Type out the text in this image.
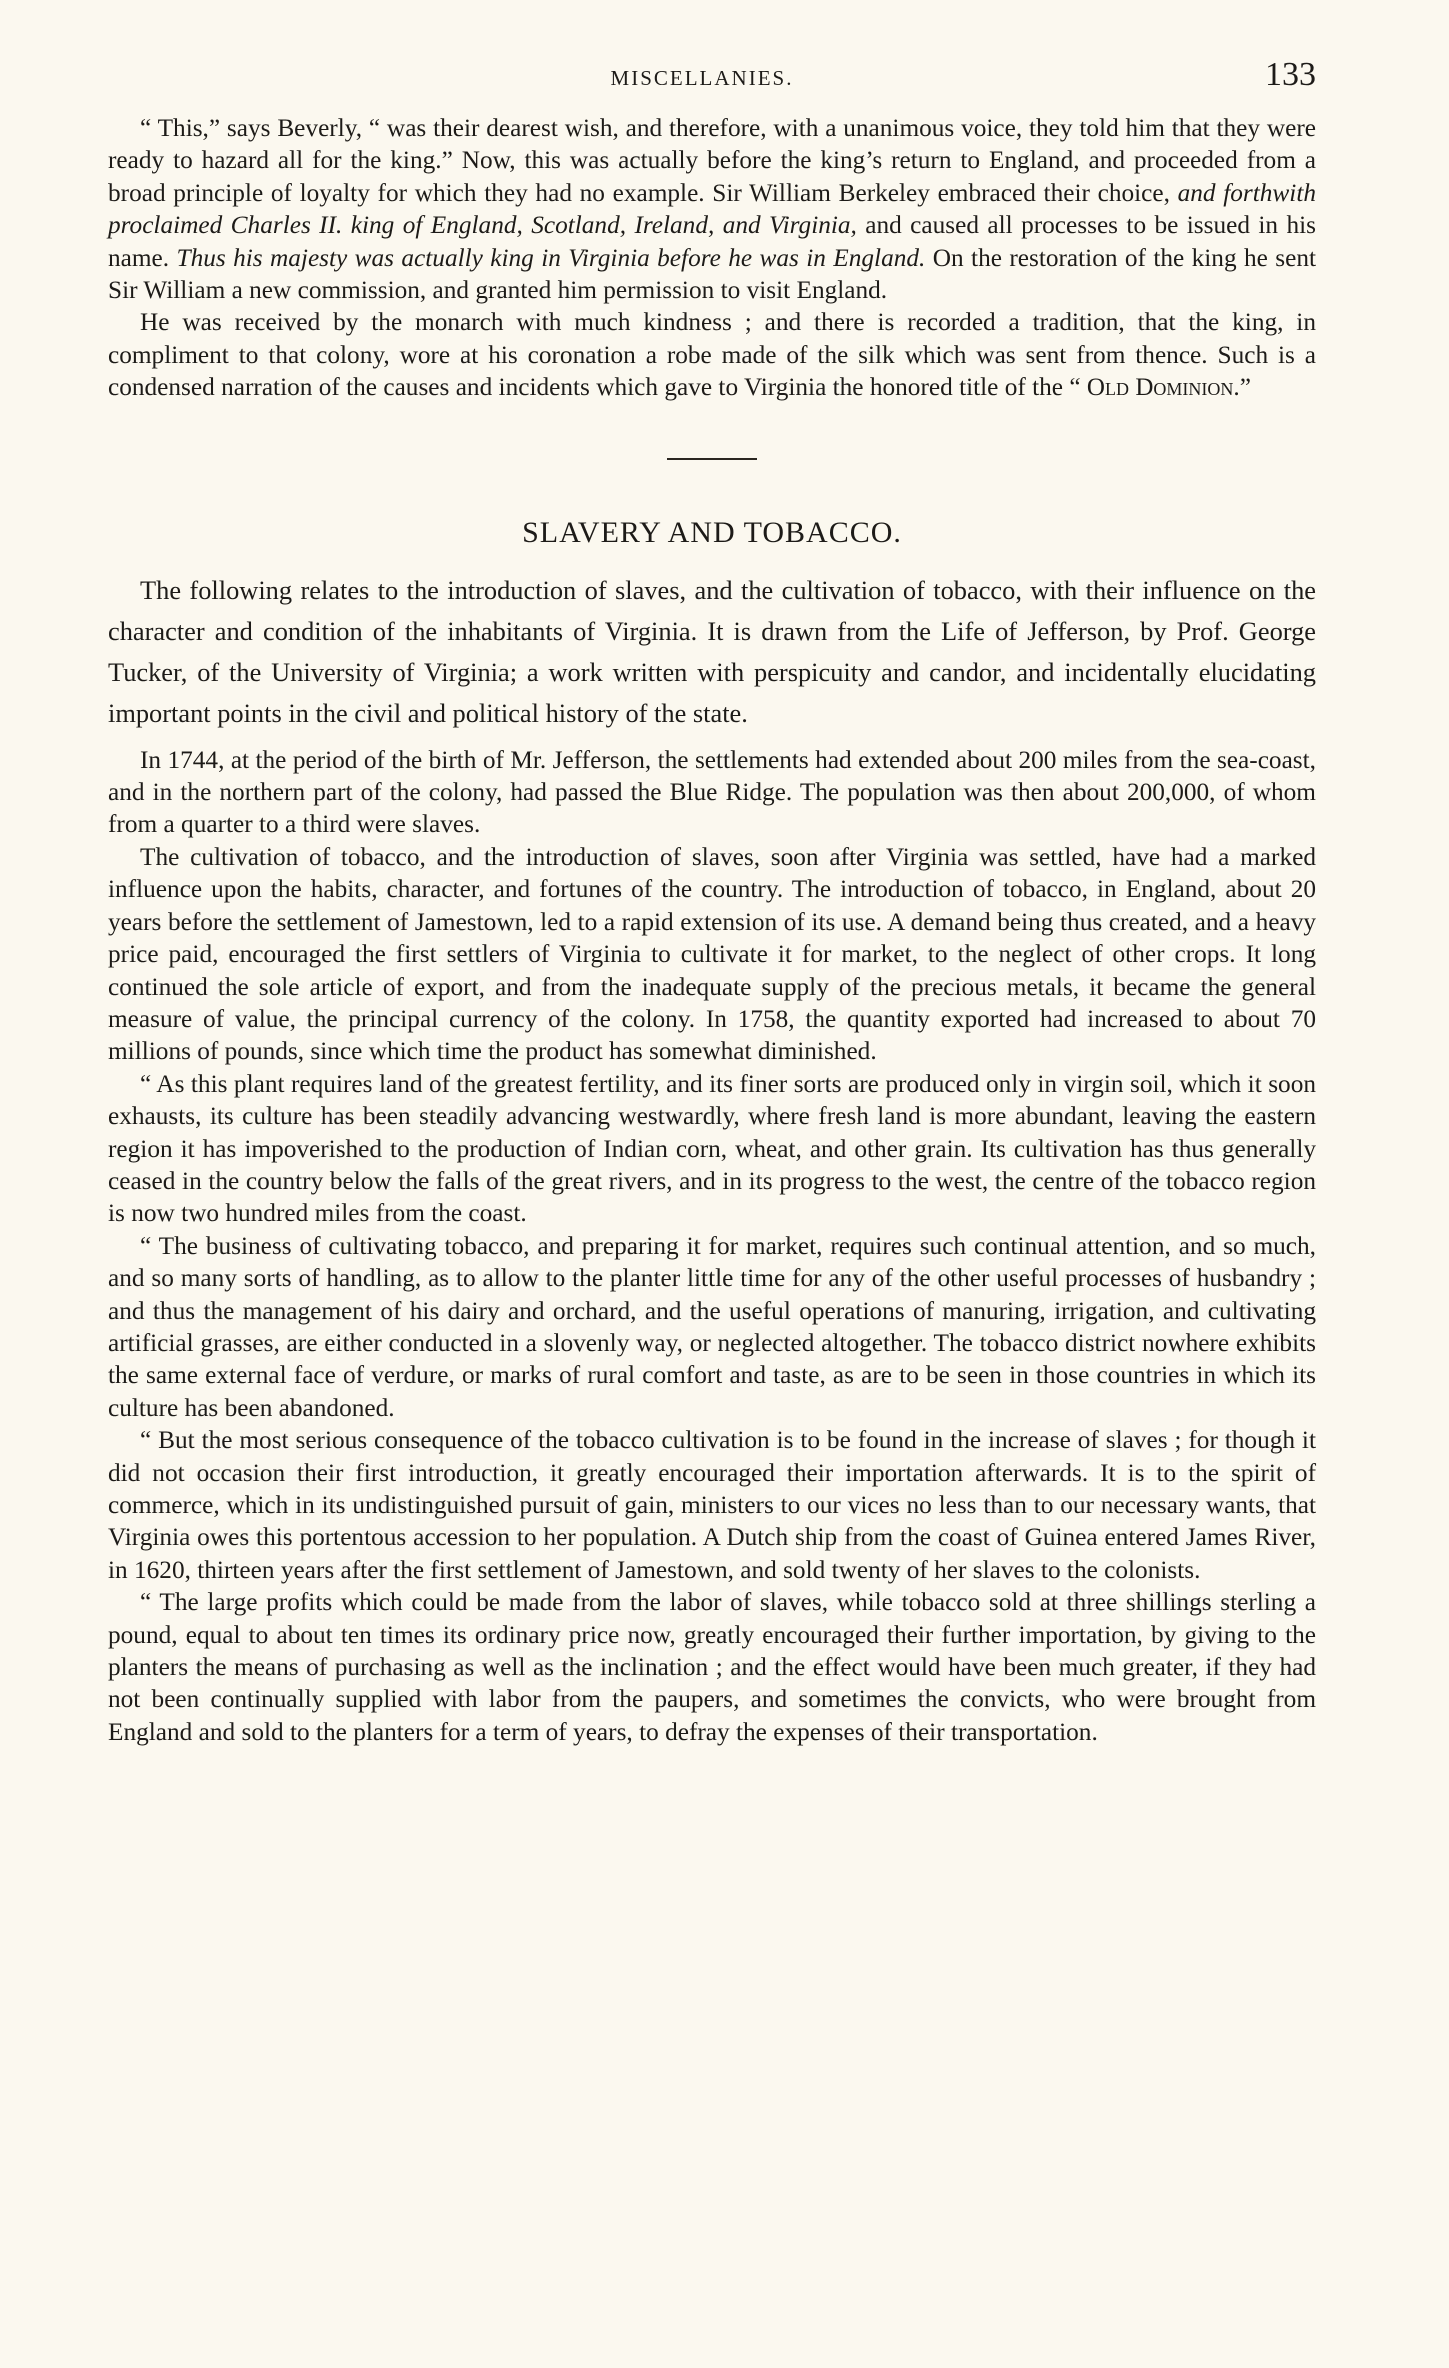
MISCELLANIES.	133

“ This,” says Beverly, “ was their dearest wish, and therefore, with a unanimous voice, they told him that they were ready to hazard all for the king.” Now, this was actually before the king’s return to England, and proceeded from a broad principle of loyalty for which they had no example. Sir William Berkeley embraced their choice, and forthwith proclaimed Charles II. king of England, Scotland, Ireland, and Virginia, and caused all processes to be issued in his name. Thus his majesty was actually king in Virginia before he was in England. On the restoration of the king he sent Sir William a new commission, and granted him permission to visit England.

He was received by the monarch with much kindness ; and there is recorded a tradition, that the king, in compliment to that colony, wore at his coronation a robe made of the silk which was sent from thence. Such is a condensed narration of the causes and incidents which gave to Virginia the honored title of the “ OLD DOMINION.”

SLAVERY AND TOBACCO.

The following relates to the introduction of slaves, and the cultivation of tobacco, with their influence on the character and condition of the inhabitants of Virginia. It is drawn from the Life of Jefferson, by Prof. George Tucker, of the University of Virginia; a work written with perspicuity and candor, and incidentally elucidating important points in the civil and political history of the state.

In 1744, at the period of the birth of Mr. Jefferson, the settlements had extended about 200 miles from the sea-coast, and in the northern part of the colony, had passed the Blue Ridge. The population was then about 200,000, of whom from a quarter to a third were slaves.

The cultivation of tobacco, and the introduction of slaves, soon after Virginia was settled, have had a marked influence upon the habits, character, and fortunes of the country. The introduction of tobacco, in England, about 20 years before the settlement of Jamestown, led to a rapid extension of its use. A demand being thus created, and a heavy price paid, encouraged the first settlers of Virginia to cultivate it for market, to the neglect of other crops. It long continued the sole article of export, and from the inadequate supply of the precious metals, it became the general measure of value, the principal currency of the colony. In 1758, the quantity exported had increased to about 70 millions of pounds, since which time the product has somewhat diminished.

“ As this plant requires land of the greatest fertility, and its finer sorts are produced only in virgin soil, which it soon exhausts, its culture has been steadily advancing westwardly, where fresh land is more abundant, leaving the eastern region it has impoverished to the production of Indian corn, wheat, and other grain. Its cultivation has thus generally ceased in the country below the falls of the great rivers, and in its progress to the west, the centre of the tobacco region is now two hundred miles from the coast.

“ The business of cultivating tobacco, and preparing it for market, requires such continual attention, and so much, and so many sorts of handling, as to allow to the planter little time for any of the other useful processes of husbandry ; and thus the management of his dairy and orchard, and the useful operations of manuring, irrigation, and cultivating artificial grasses, are either conducted in a slovenly way, or neglected altogether. The tobacco district nowhere exhibits the same external face of verdure, or marks of rural comfort and taste, as are to be seen in those countries in which its culture has been abandoned.

“ But the most serious consequence of the tobacco cultivation is to be found in the increase of slaves ; for though it did not occasion their first introduction, it greatly encouraged their importation afterwards. It is to the spirit of commerce, which in its undistinguished pursuit of gain, ministers to our vices no less than to our necessary wants, that Virginia owes this portentous accession to her population. A Dutch ship from the coast of Guinea entered James River, in 1620, thirteen years after the first settlement of Jamestown, and sold twenty of her slaves to the colonists.

“ The large profits which could be made from the labor of slaves, while tobacco sold at three shillings sterling a pound, equal to about ten times its ordinary price now, greatly encouraged their further importation, by giving to the planters the means of purchasing as well as the inclination ; and the effect would have been much greater, if they had not been continually supplied with labor from the paupers, and sometimes the convicts, who were brought from England and sold to the planters for a term of years, to defray the expenses of their transportation.
